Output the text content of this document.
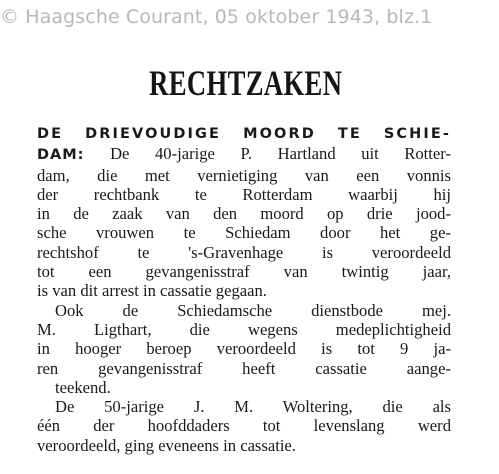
© Haagsche Courant, 05 oktober 1943, blz.1
RECHTZAKEN
DE DRIEVOUDIGE MOORD TE SCHIE-
DAM: De 40-jarige P. Hartland uit Rotter-
dam, die met vernietiging van een vonnis
der rechtbank te Rotterdam waarbij hij
in de zaak van den moord op drie jood-
sche vrouwen te Schiedam door het ge-
rechtshof te 's-Gravenhage is veroordeeld
tot een gevangenisstraf van twintig jaar,
is van dit arrest in cassatie gegaan.
Ook de Schiedamsche dienstbode mej.
M. Ligthart, die wegens medeplichtigheid
in hooger beroep veroordeeld is tot 9 ja-
ren gevangenisstraf heeft cassatie aange-
teekend.
De 50-jarige J. M. Woltering, die als
één der hoofddaders tot levenslang werd
veroordeeld, ging eveneens in cassatie.
